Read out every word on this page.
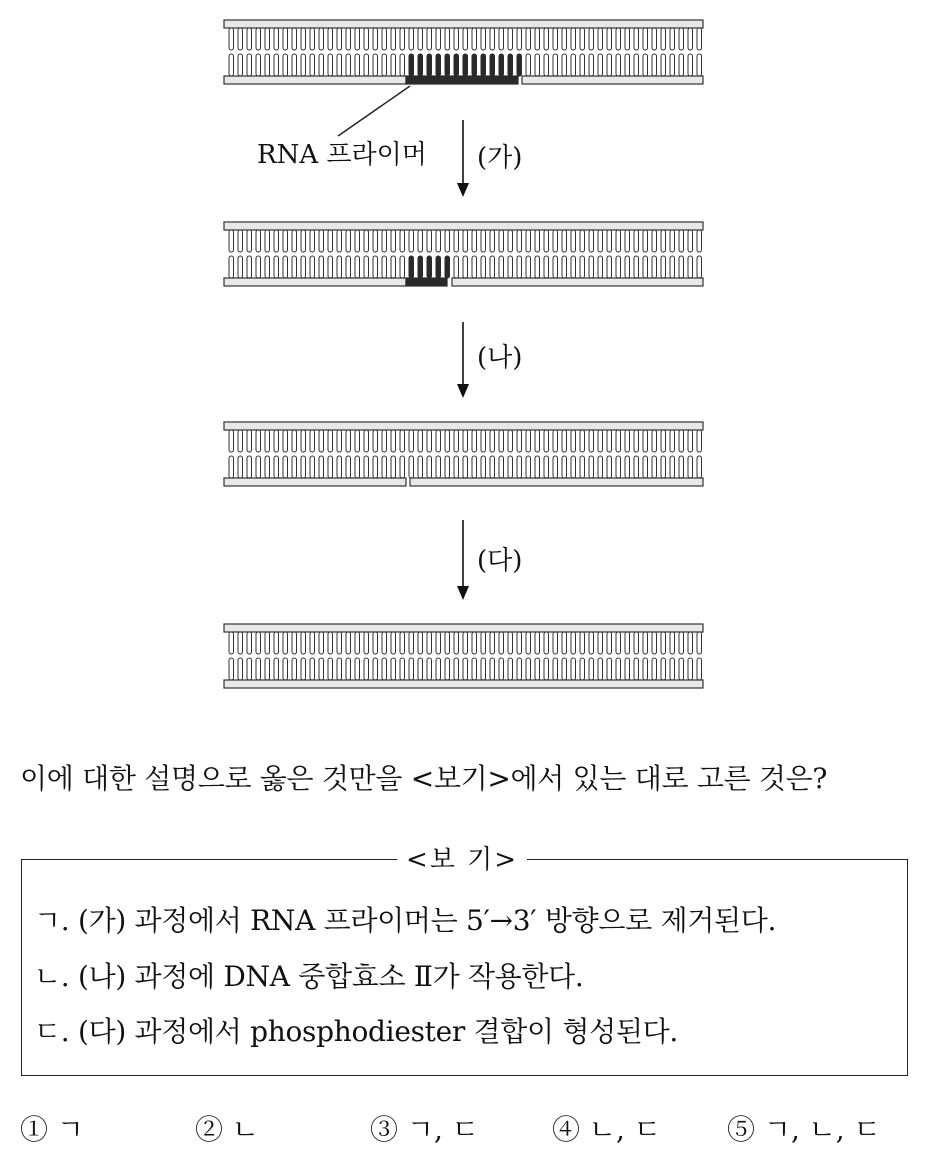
RNA 프라이머 (가)
(나)
(다)
이에 대한 설명으로 옳은 것만을 <보기>에서 있는 대로 고른 것은?
<보 기>
ㄱ. (가) 과정에서 RNA 프라이머는 5′→3′ 방향으로 제거된다.
ㄴ. (나) 과정에 DNA 중합효소 Ⅱ가 작용한다.
ㄷ. (다) 과정에서 phosphodiester 결합이 형성된다.
① ㄱ	② ㄴ	③ ㄱ, ㄷ	④ ㄴ, ㄷ ⑤ ㄱ, ㄴ, ㄷ
